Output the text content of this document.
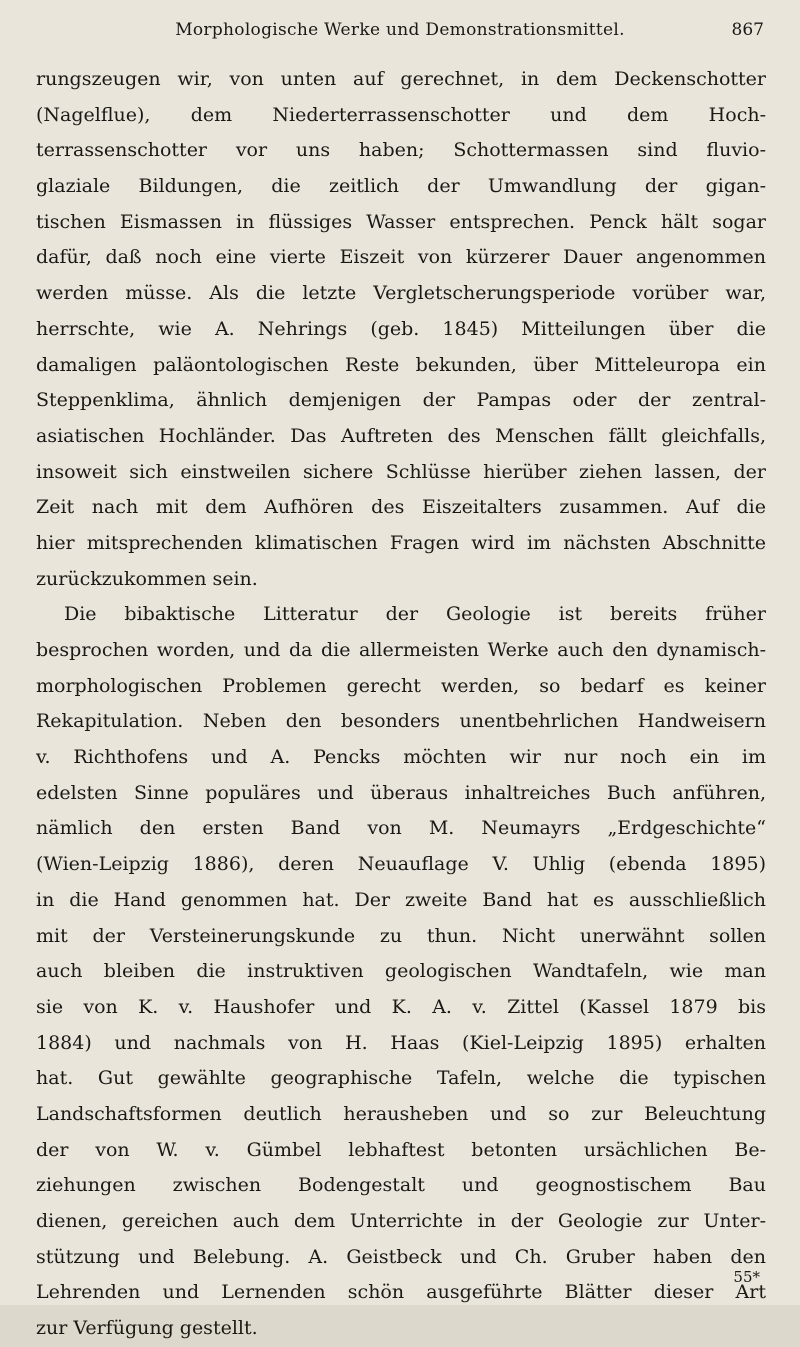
Morphologische Werke und Demonstrationsmittel.	867
rungszeugen wir, von unten auf gerechnet, in dem Deckenschotter
(Nagelflue), dem Niederterrassenschotter und dem Hoch-
terrassenschotter vor uns haben; Schottermassen sind fluvio-
glaziale Bildungen, die zeitlich der Umwandlung der gigan-
tischen Eismassen in flüssiges Wasser entsprechen. Penck hält sogar
dafür, daß noch eine vierte Eiszeit von kürzerer Dauer angenommen
werden müsse. Als die letzte Vergletscherungsperiode vorüber war,
herrschte, wie A. Nehrings (geb. 1845) Mitteilungen über die
damaligen paläontologischen Reste bekunden, über Mitteleuropa ein
Steppenklima, ähnlich demjenigen der Pampas oder der zentral-
asiatischen Hochländer. Das Auftreten des Menschen fällt gleichfalls,
insoweit sich einstweilen sichere Schlüsse hierüber ziehen lassen, der
Zeit nach mit dem Aufhören des Eiszeitalters zusammen. Auf die
hier mitsprechenden klimatischen Fragen wird im nächsten Abschnitte
zurückzukommen sein.
Die bibaktische Litteratur der Geologie ist bereits früher
besprochen worden, und da die allermeisten Werke auch den dynamisch-
morphologischen Problemen gerecht werden, so bedarf es keiner
Rekapitulation. Neben den besonders unentbehrlichen Handweisern
v. Richthofens und A. Pencks möchten wir nur noch ein im
edelsten Sinne populäres und überaus inhaltreiches Buch anführen,
nämlich den ersten Band von M. Neumayrs „Erdgeschichte“
(Wien-Leipzig 1886), deren Neuauflage V. Uhlig (ebenda 1895)
in die Hand genommen hat. Der zweite Band hat es ausschließlich
mit der Versteinerungskunde zu thun. Nicht unerwähnt sollen
auch bleiben die instruktiven geologischen Wandtafeln, wie man
sie von K. v. Haushofer und K. A. v. Zittel (Kassel 1879 bis
1884) und nachmals von H. Haas (Kiel-Leipzig 1895) erhalten
hat. Gut gewählte geographische Tafeln, welche die typischen
Landschaftsformen deutlich herausheben und so zur Beleuchtung
der von W. v. Gümbel lebhaftest betonten ursächlichen Be-
ziehungen zwischen Bodengestalt und geognostischem Bau
dienen, gereichen auch dem Unterrichte in der Geologie zur Unter-
stützung und Belebung. A. Geistbeck und Ch. Gruber haben den
Lehrenden und Lernenden schön ausgeführte Blätter dieser Art
zur Verfügung gestellt.
55*
